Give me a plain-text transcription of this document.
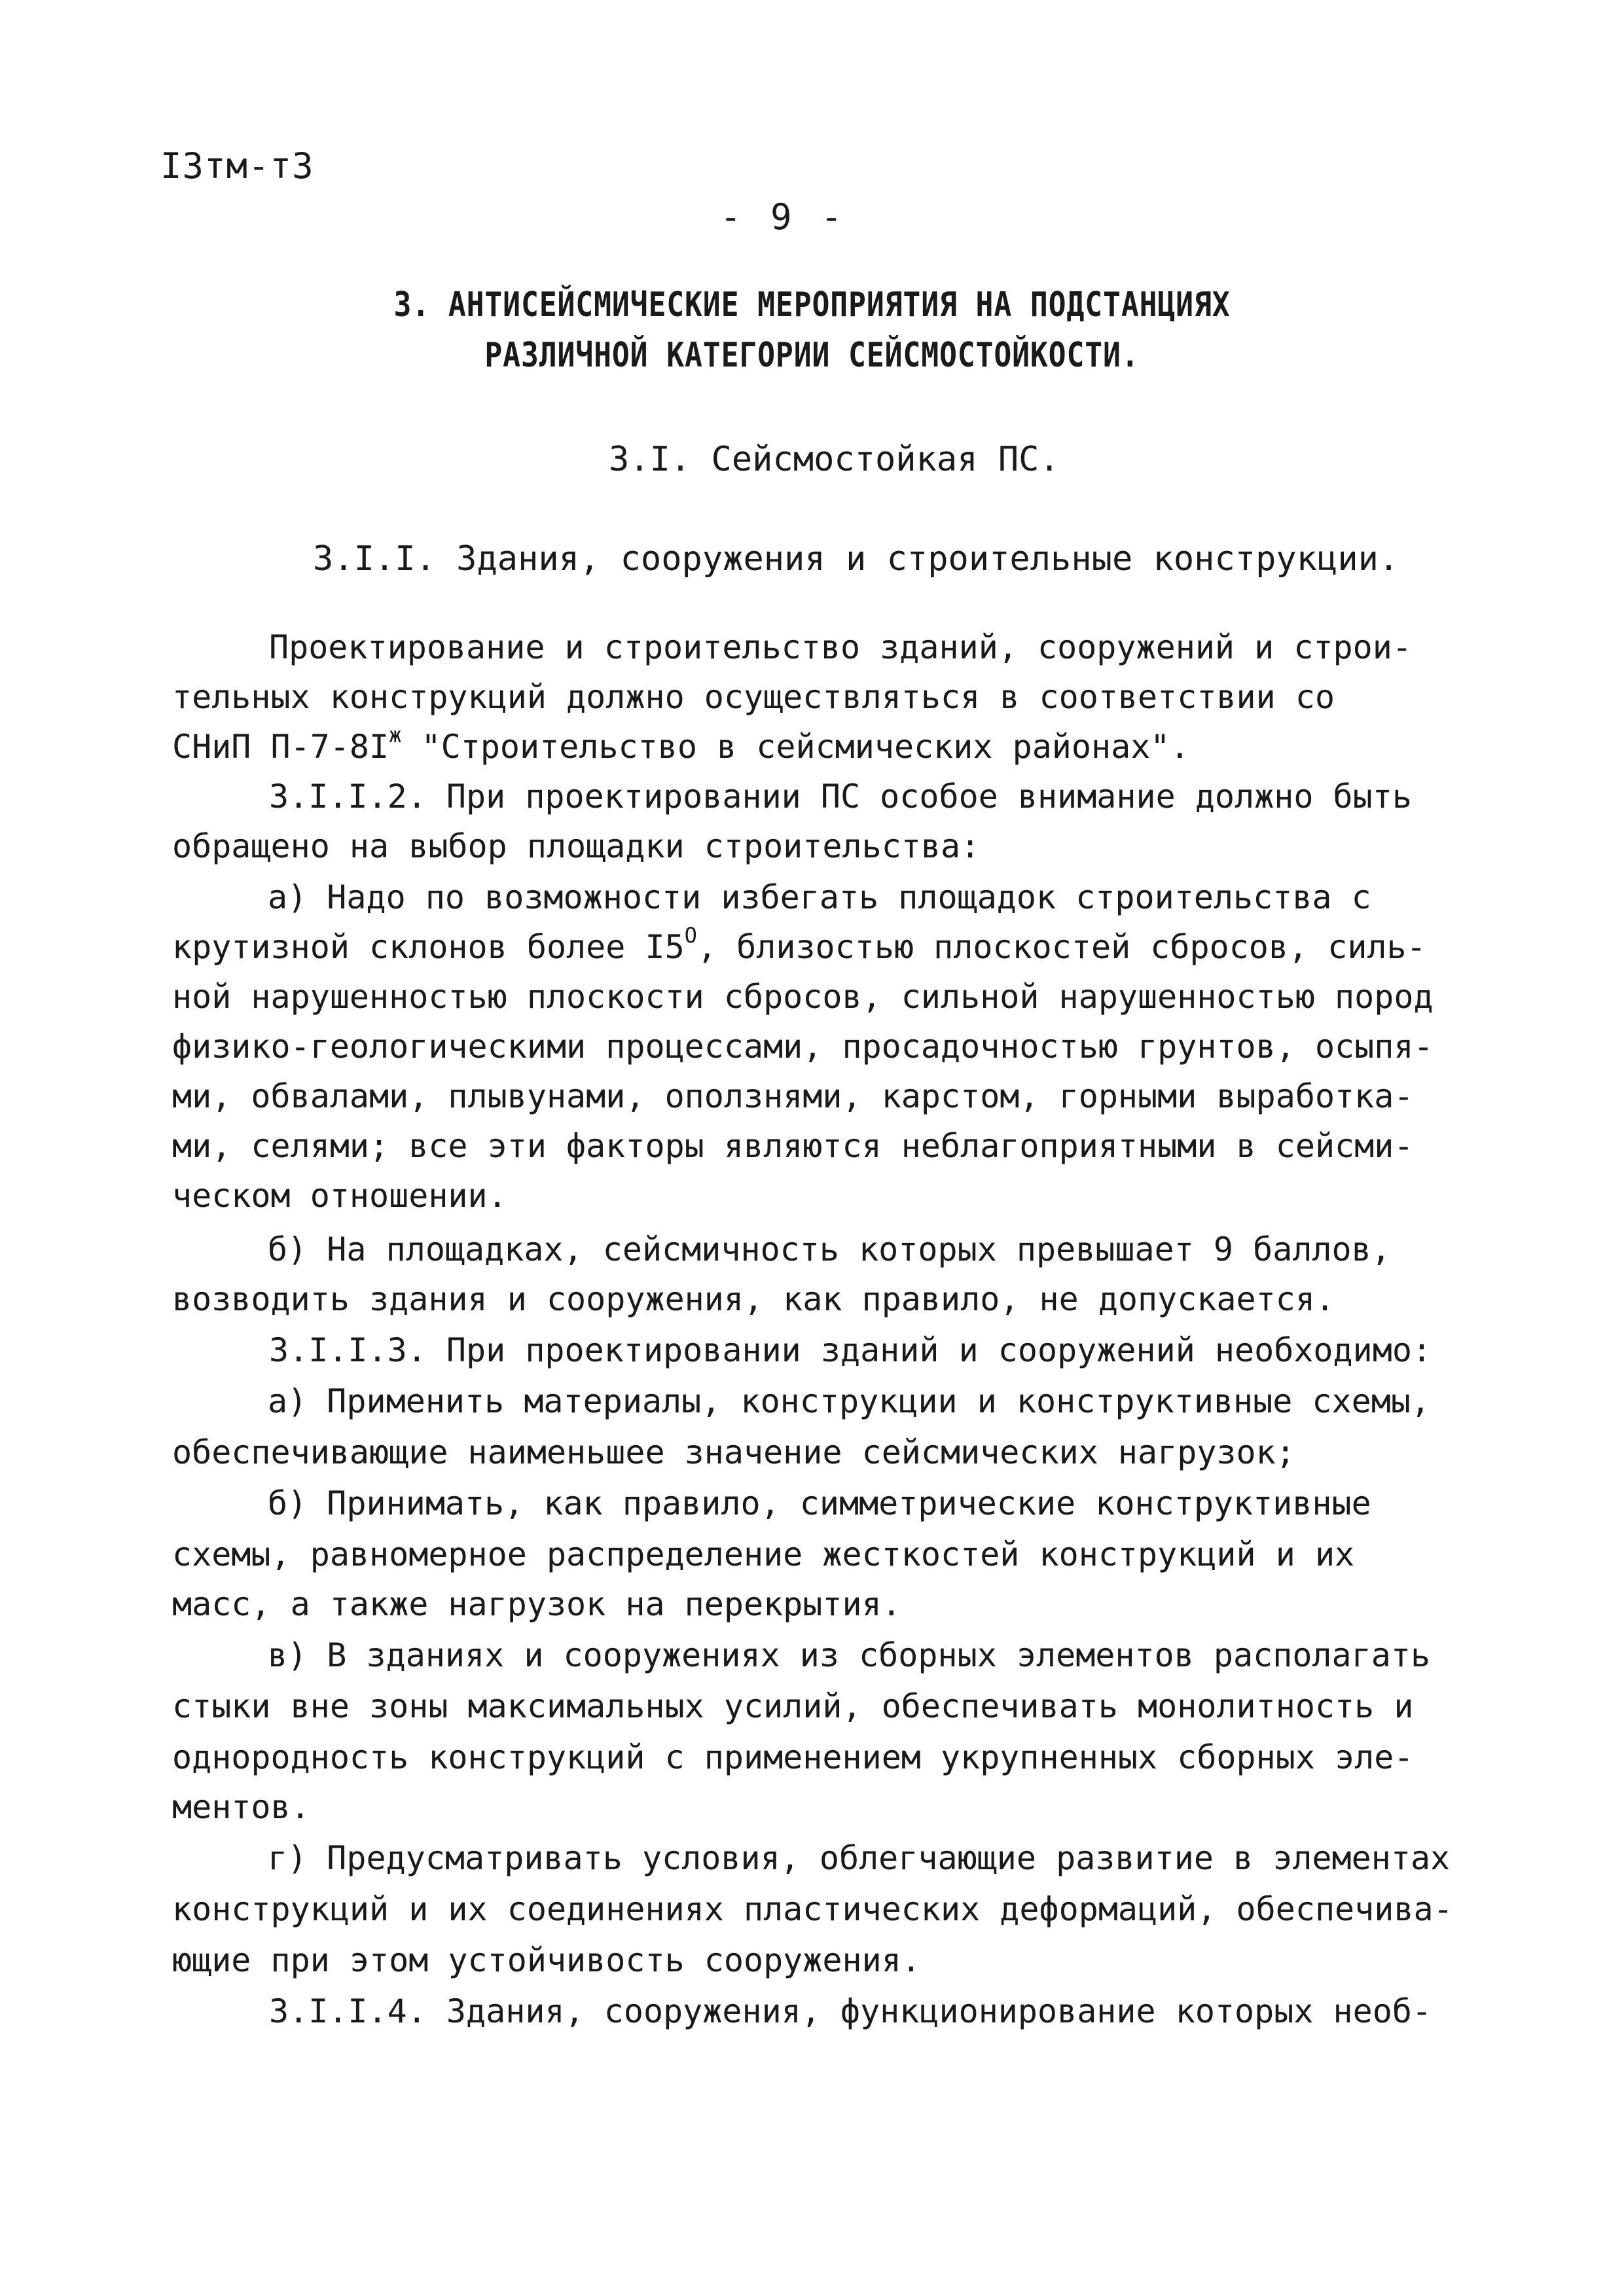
I3тм-т3
- 9 -
3. АНТИСЕЙСМИЧЕСКИЕ МЕРОПРИЯТИЯ НА ПОДСТАНЦИЯХ
РАЗЛИЧНОЙ КАТЕГОРИИ СЕЙСМОСТОЙКОСТИ.
3.I. Сейсмостойкая ПС.
3.I.I. Здания, сооружения и строительные конструкции.
Проектирование и строительство зданий, сооружений и строи-
тельных конструкций должно осуществляться в соответствии со
СНиП $П-7-8I^ж$ "Строительство в сейсмических районах".
3.I.I.2. При проектировании ПС особое внимание должно быть
обращено на выбор площадки строительства:
а) Надо по возможности избегать площадок строительства с
крутизной склонов более $I5^О$, близостью плоскостей сбросов, силь-
ной нарушенностью плоскости сбросов, сильной нарушенностью пород
физико-геологическими процессами, просадочностью грунтов, осыпя-
ми, обвалами, плывунами, оползнями, карстом, горными выработка-
ми, селями; все эти факторы являются неблагоприятными в сейсми-
ческом отношении.
б) На площадках, сейсмичность которых превышает 9 баллов,
возводить здания и сооружения, как правило, не допускается.
3.I.I.3. При проектировании зданий и сооружений необходимо:
а) Применить материалы, конструкции и конструктивные схемы,
обеспечивающие наименьшее значение сейсмических нагрузок;
б) Принимать, как правило, симметрические конструктивные
схемы, равномерное распределение жесткостей конструкций и их
масс, а также нагрузок на перекрытия.
в) В зданиях и сооружениях из сборных элементов располагать
стыки вне зоны максимальных усилий, обеспечивать монолитность и
однородность конструкций с применением укрупненных сборных эле-
ментов.
г) Предусматривать условия, облегчающие развитие в элементах
конструкций и их соединениях пластических деформаций, обеспечива-
ющие при этом устойчивость сооружения.
3.I.I.4. Здания, сооружения, функционирование которых необ-
